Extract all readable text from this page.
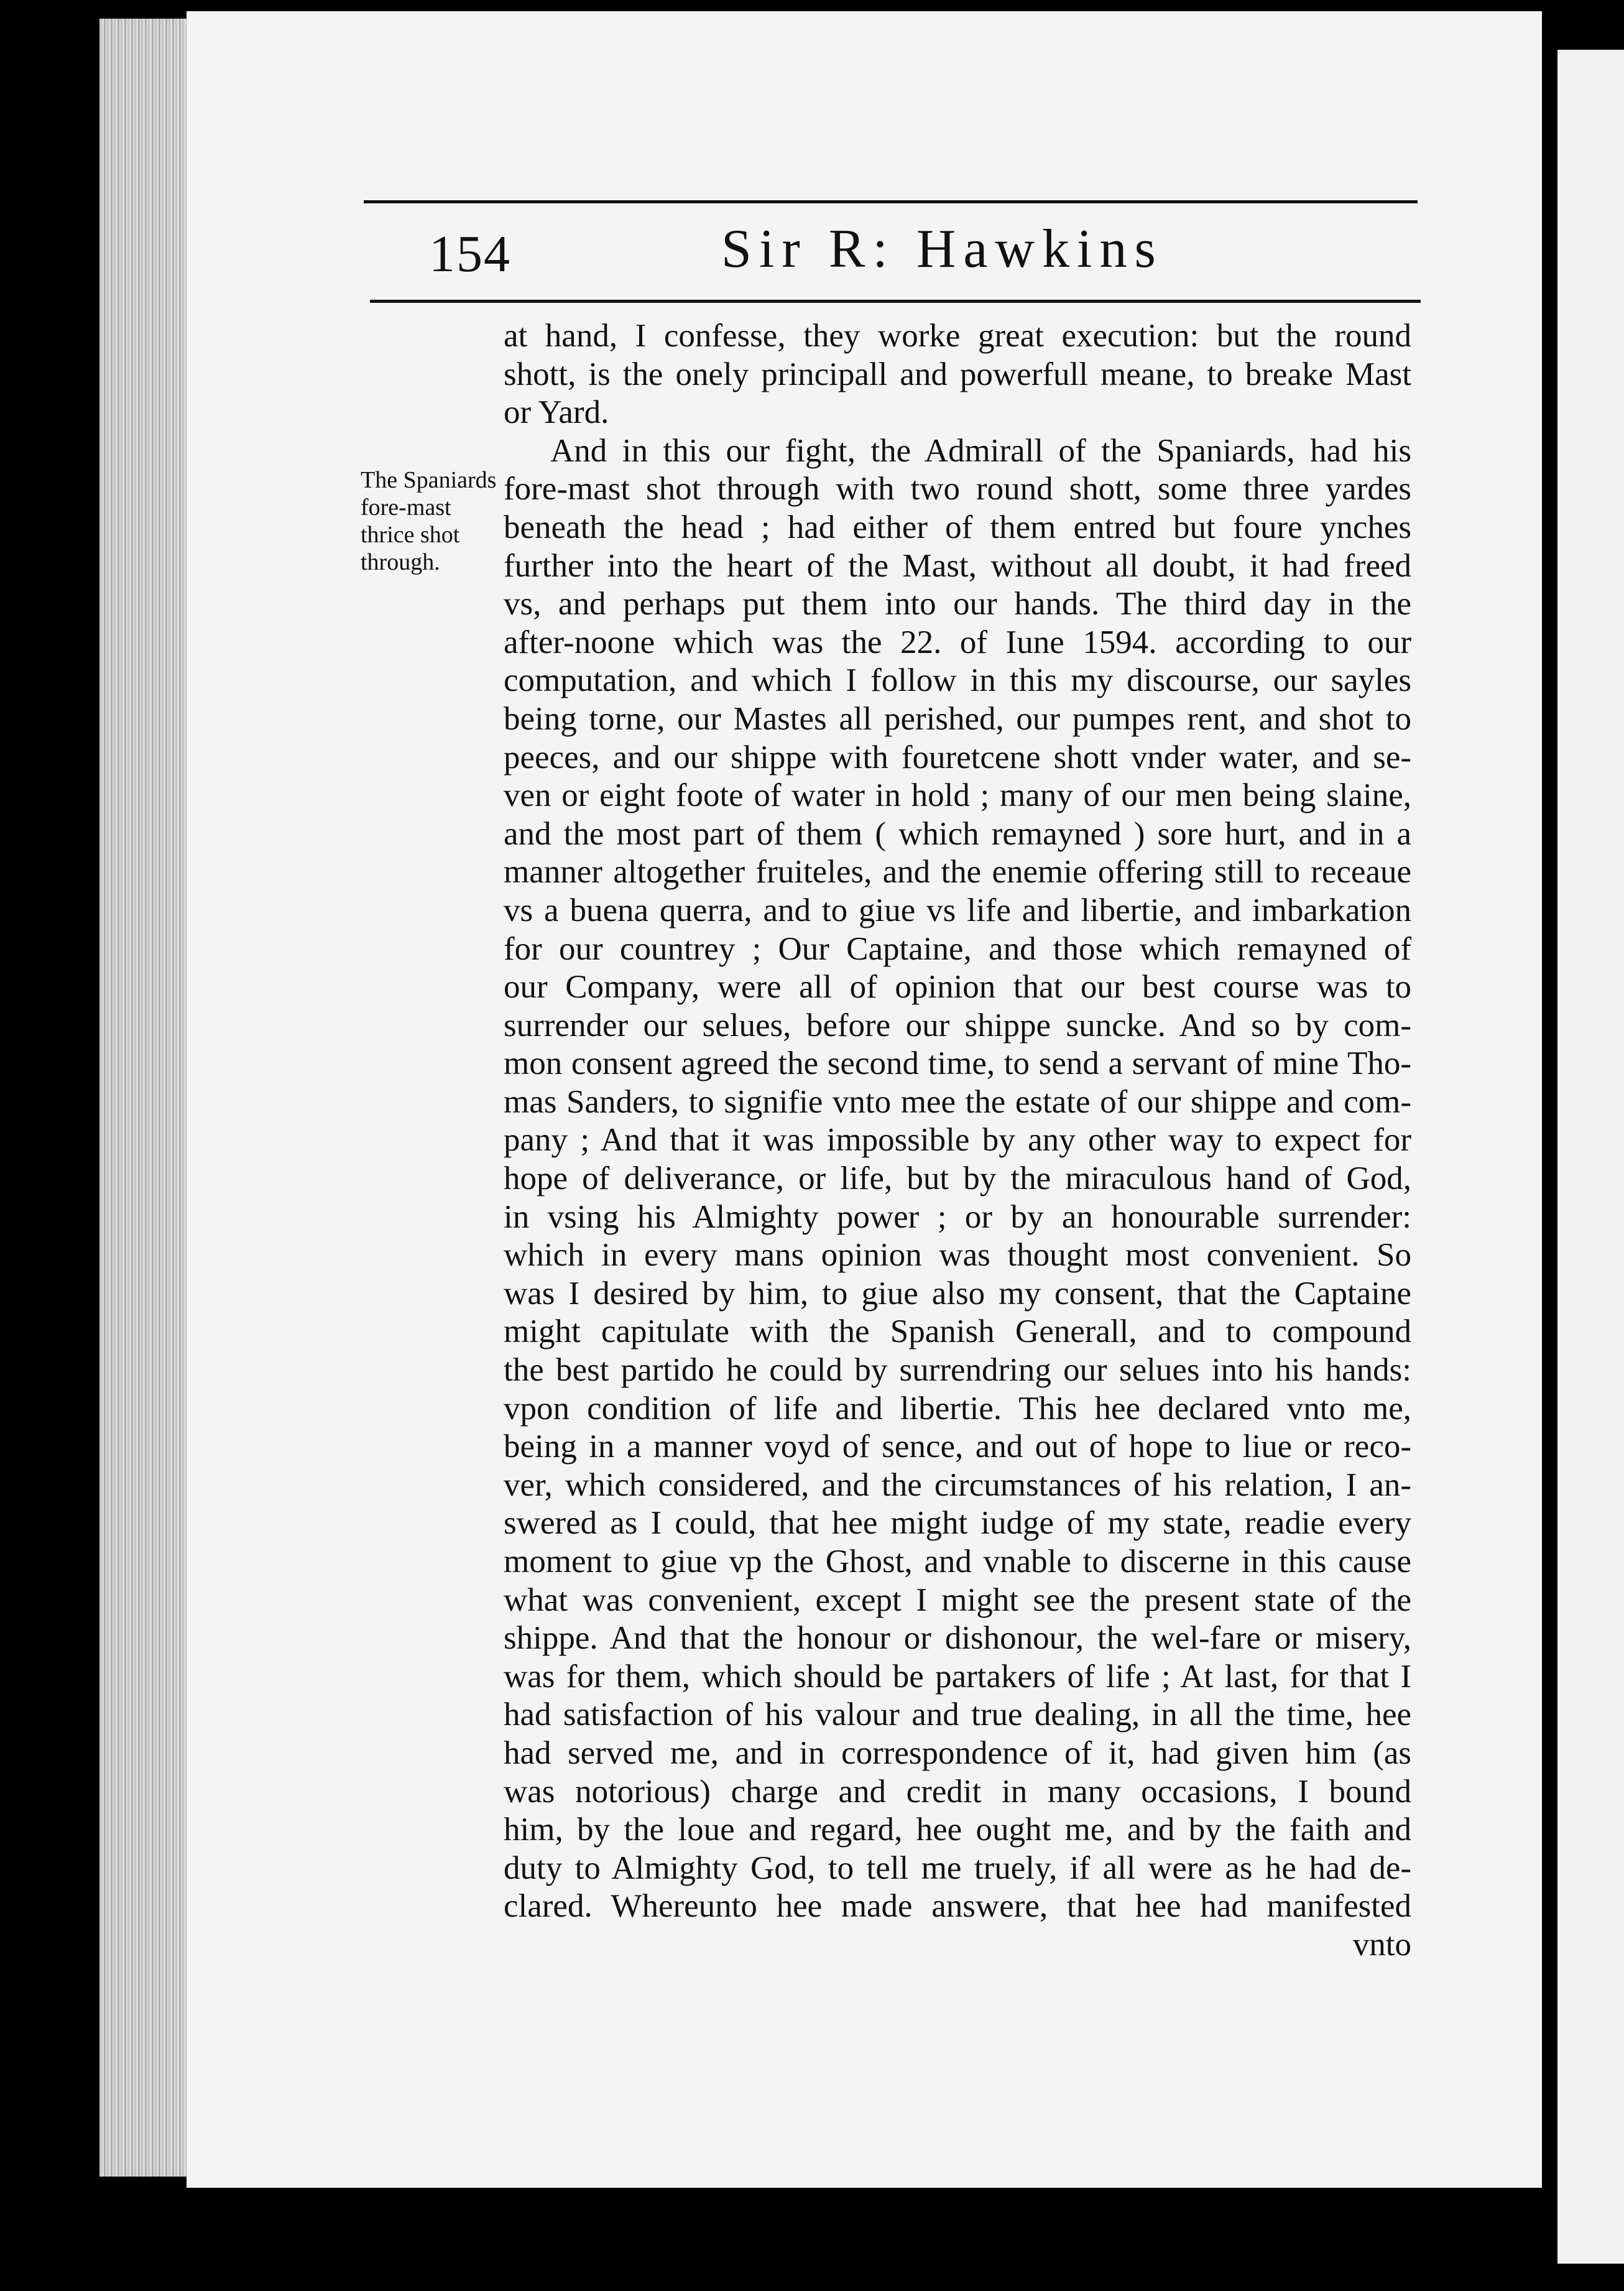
154	Sir R: Hawkins
The Spaniards
fore-mast
thrice shot
through.
at hand, I confesse, they worke great execution: but the round
shott, is the onely principall and powerfull meane, to breake Mast
or Yard.
And in this our fight, the Admirall of the Spaniards, had his
fore-mast shot through with two round shott, some three yardes
beneath the head ; had either of them entred but foure ynches
further into the heart of the Mast, without all doubt, it had freed
vs, and perhaps put them into our hands. The third day in the
after-noone which was the 22. of Iune 1594. according to our
computation, and which I follow in this my discourse, our sayles
being torne, our Mastes all perished, our pumpes rent, and shot to
peeces, and our shippe with fouretcene shott vnder water, and se-
ven or eight foote of water in hold ; many of our men being slaine,
and the most part of them ( which remayned ) sore hurt, and in a
manner altogether fruiteles, and the enemie offering still to receaue
vs a buena querra, and to giue vs life and libertie, and imbarkation
for our countrey ; Our Captaine, and those which remayned of
our Company, were all of opinion that our best course was to
surrender our selues, before our shippe suncke. And so by com-
mon consent agreed the second time, to send a servant of mine Tho-
mas Sanders, to signifie vnto mee the estate of our shippe and com-
pany ; And that it was impossible by any other way to expect for
hope of deliverance, or life, but by the miraculous hand of God,
in vsing his Almighty power ; or by an honourable surrender:
which in every mans opinion was thought most convenient. So
was I desired by him, to giue also my consent, that the Captaine
might capitulate with the Spanish Generall, and to compound
the best partido he could by surrendring our selues into his hands:
vpon condition of life and libertie. This hee declared vnto me,
being in a manner voyd of sence, and out of hope to liue or reco-
ver, which considered, and the circumstances of his relation, I an-
swered as I could, that hee might iudge of my state, readie every
moment to giue vp the Ghost, and vnable to discerne in this cause
what was convenient, except I might see the present state of the
shippe. And that the honour or dishonour, the wel-fare or misery,
was for them, which should be partakers of life ; At last, for that I
had satisfaction of his valour and true dealing, in all the time, hee
had served me, and in correspondence of it, had given him (as
was notorious) charge and credit in many occasions, I bound
him, by the loue and regard, hee ought me, and by the faith and
duty to Almighty God, to tell me truely, if all were as he had de-
clared. Whereunto hee made answere, that hee had manifested
vnto
